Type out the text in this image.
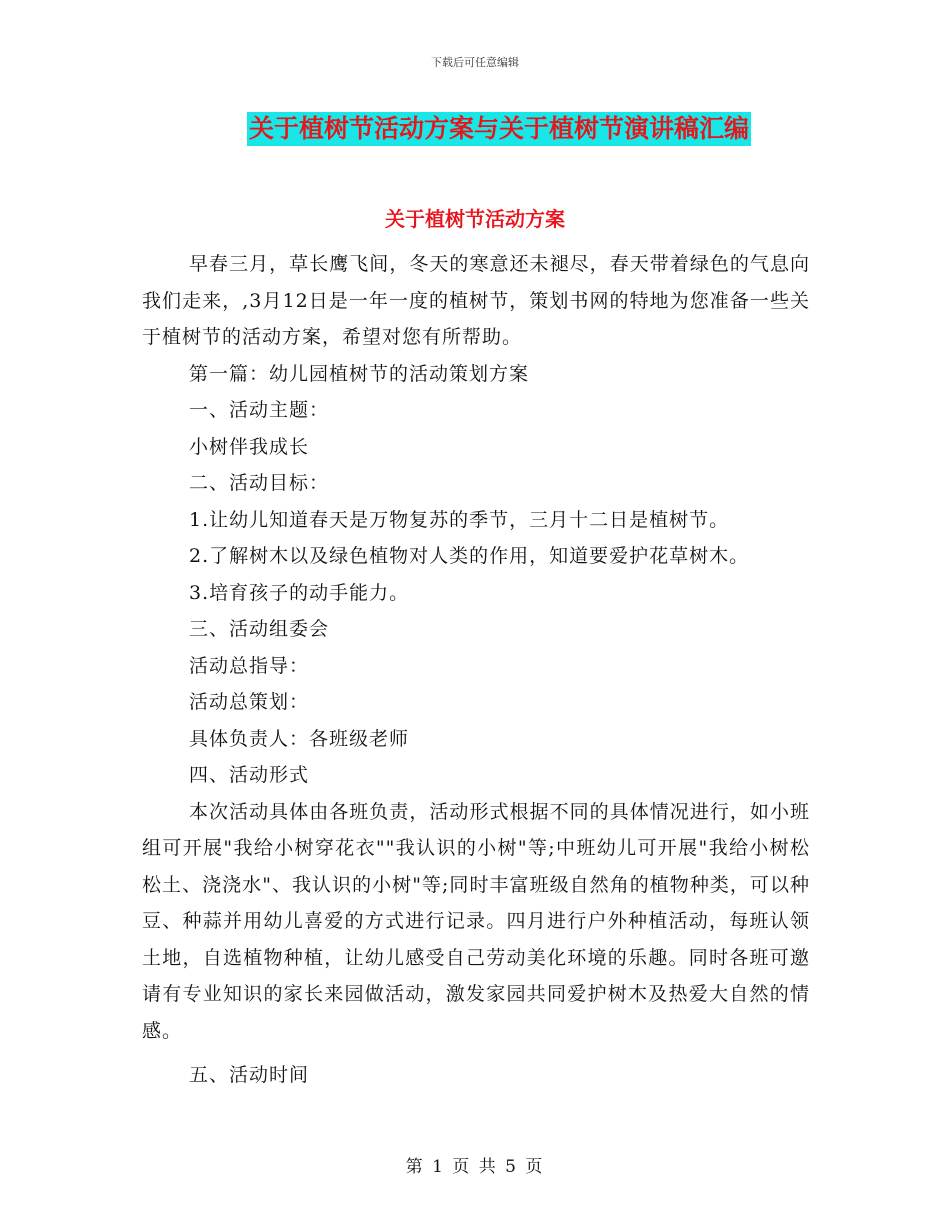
下载后可任意编辑
关于植树节活动方案与关于植树节演讲稿汇编
关于植树节活动方案

早春三月，草长鹰飞间，冬天的寒意还未褪尽，春天带着绿色的气息向我们走来，,3月12日是一年一度的植树节，策划书网的特地为您准备一些关于植树节的活动方案，希望对您有所帮助。

第一篇：幼儿园植树节的活动策划方案

一、活动主题：

小树伴我成长

二、活动目标：

1.让幼儿知道春天是万物复苏的季节，三月十二日是植树节。

2.了解树木以及绿色植物对人类的作用，知道要爱护花草树木。

3.培育孩子的动手能力。

三、活动组委会

活动总指导：

活动总策划：

具体负责人：各班级老师

四、活动形式

本次活动具体由各班负责，活动形式根据不同的具体情况进行，如小班组可开展"我给小树穿花衣""我认识的小树"等;中班幼儿可开展"我给小树松松土、浇浇水"、我认识的小树"等;同时丰富班级自然角的植物种类，可以种豆、种蒜并用幼儿喜爱的方式进行记录。四月进行户外种植活动，每班认领土地，自选植物种植，让幼儿感受自己劳动美化环境的乐趣。同时各班可邀请有专业知识的家长来园做活动，激发家园共同爱护树木及热爱大自然的情感。

五、活动时间

第 1 页 共 5 页
